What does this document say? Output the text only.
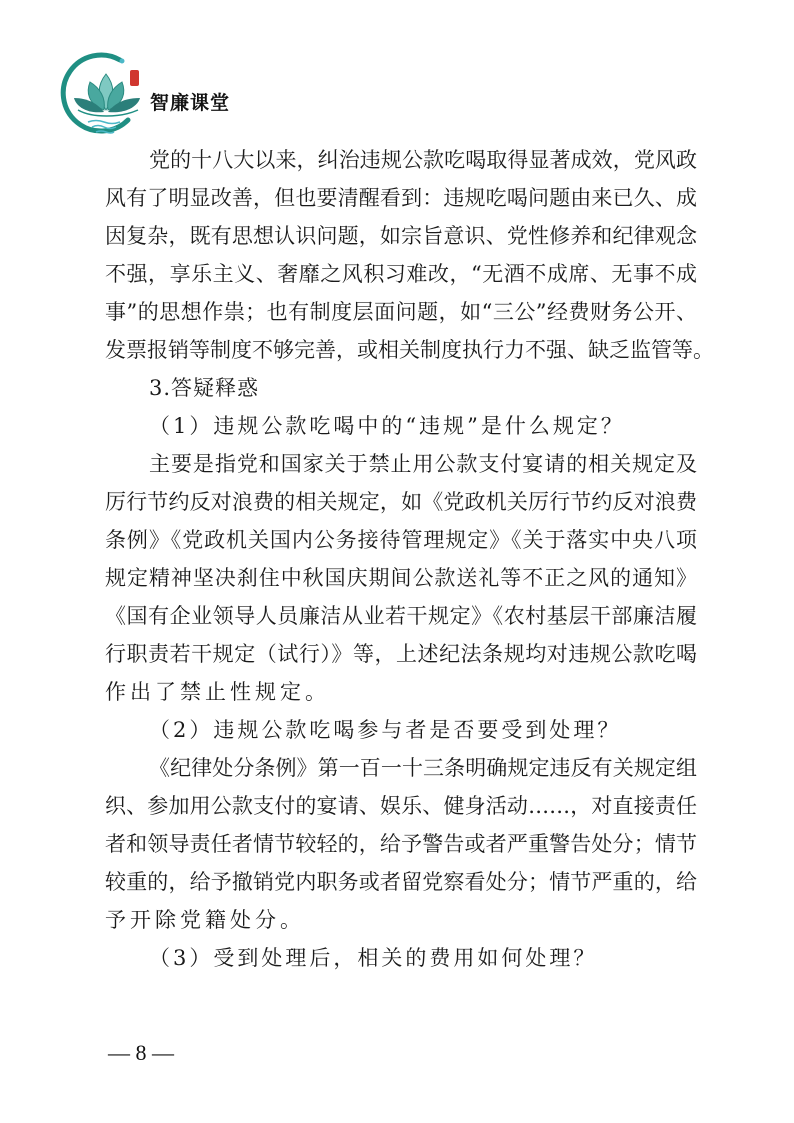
智廉课堂
党的十八大以来，纠治违规公款吃喝取得显著成效，党风政
风有了明显改善，但也要清醒看到：违规吃喝问题由来已久、成
因复杂，既有思想认识问题，如宗旨意识、党性修养和纪律观念
不强，享乐主义、奢靡之风积习难改，“无酒不成席、无事不成
事”的思想作祟；也有制度层面问题，如“三公”经费财务公开、
发票报销等制度不够完善，或相关制度执行力不强、缺乏监管等。
3.答疑释惑
（1）违规公款吃喝中的“违规”是什么规定？
主要是指党和国家关于禁止用公款支付宴请的相关规定及
厉行节约反对浪费的相关规定，如《党政机关厉行节约反对浪费
条例》《党政机关国内公务接待管理规定》《关于落实中央八项
规定精神坚决刹住中秋国庆期间公款送礼等不正之风的通知》
《国有企业领导人员廉洁从业若干规定》《农村基层干部廉洁履
行职责若干规定（试行）》等，上述纪法条规均对违规公款吃喝
作出了禁止性规定。
（2）违规公款吃喝参与者是否要受到处理？
《纪律处分条例》第一百一十三条明确规定违反有关规定组
织、参加用公款支付的宴请、娱乐、健身活动……，对直接责任
者和领导责任者情节较轻的，给予警告或者严重警告处分；情节
较重的，给予撤销党内职务或者留党察看处分；情节严重的，给
予开除党籍处分。
（3）受到处理后，相关的费用如何处理？
— 8 —
